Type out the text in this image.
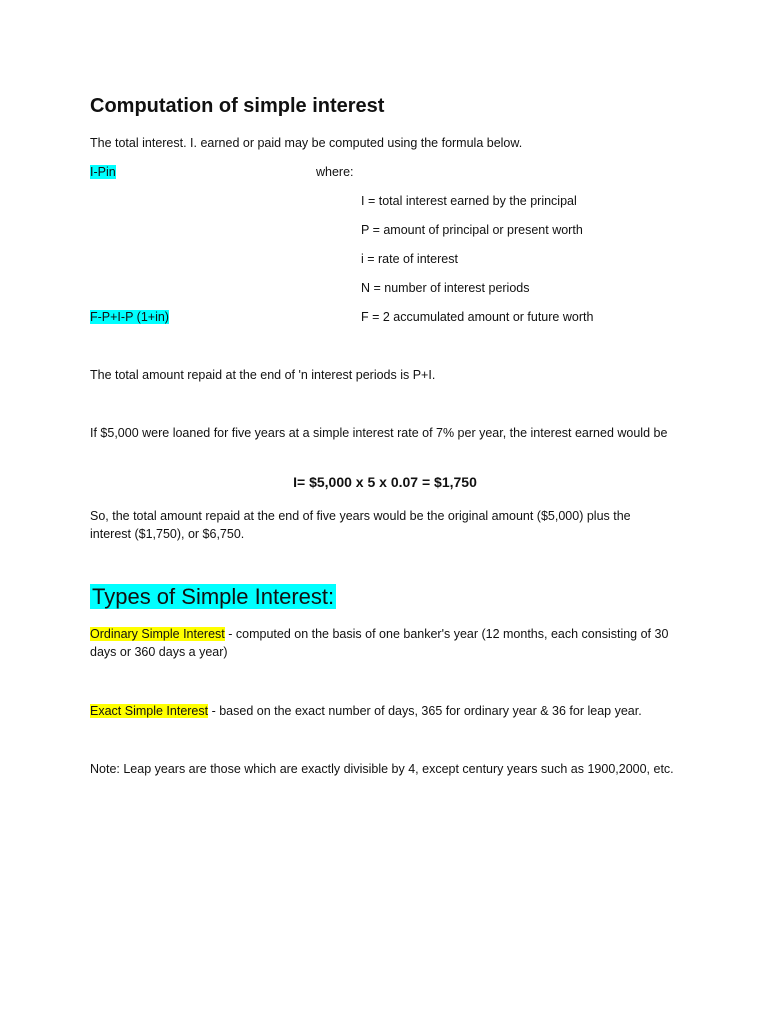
Computation of simple interest
The total interest. I. earned or paid may be computed using the formula below.
I-Pin	where:
I = total interest earned by the principal
P = amount of principal or present worth
i = rate of interest
N = number of interest periods
F-P+I-P (1+in)	F = 2 accumulated amount or future worth
The total amount repaid at the end of 'n interest periods is P+I.
If $5,000 were loaned for five years at a simple interest rate of 7% per year, the interest earned would be
I= $5,000 x 5 x 0.07 = $1,750
So, the total amount repaid at the end of five years would be the original amount ($5,000) plus the interest ($1,750), or $6,750.
Types of Simple Interest:
Ordinary Simple Interest - computed on the basis of one banker's year (12 months, each consisting of 30 days or 360 days a year)
Exact Simple Interest - based on the exact number of days, 365 for ordinary year & 36 for leap year.
Note: Leap years are those which are exactly divisible by 4, except century years such as 1900,2000, etc.
